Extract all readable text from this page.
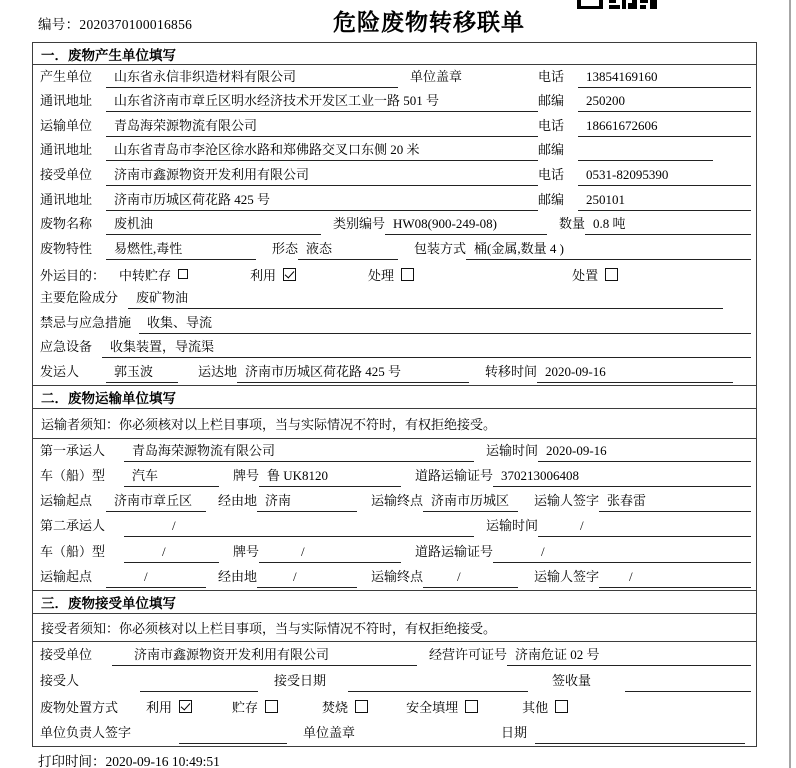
编号：2020370100016856	危险废物转移联单
一．废物产生单位填写
产生单位	山东省永信非织造材料有限公司	单位盖章	电话	13854169160
通讯地址	山东省济南市章丘区明水经济技术开发区工业一路 501 号	邮编	250200
运输单位	青岛海荣源物流有限公司	电话	18661672606
通讯地址	山东省青岛市李沧区徐水路和郑佛路交叉口东侧 20 米	邮编
接受单位	济南市鑫源物资开发利用有限公司	电话	0531-82095390
通讯地址	济南市历城区荷花路 425 号	邮编	250101
废物名称	废机油	类别编号 HW08(900-249-08)	数量 0.8 吨
废物特性	易燃性,毒性	形态 液态	包装方式 桶(金属,数量 4 )
外运目的： 中转贮存	利用	处理	处置
主要危险成分	废矿物油
禁忌与应急措施	收集、导流
应急设备	收集装置，导流渠
发运人	郭玉波	运达地 济南市历城区荷花路 425 号	转移时间 2020-09-16
二．废物运输单位填写
运输者须知：你必须核对以上栏目事项，当与实际情况不符时，有权拒绝接受。
第一承运人	青岛海荣源物流有限公司	运输时间 2020-09-16
车（船）型	汽车	牌号 鲁 UK8120	道路运输证号 370213006408
运输起点	济南市章丘区	经由地 济南	运输终点 济南市历城区	运输人签字 张春雷
第二承运人	/	运输时间	/
车（船）型	/	牌号	/	道路运输证号	/
运输起点	/	经由地	/	运输终点	/	运输人签字	/
三．废物接受单位填写
接受者须知：你必须核对以上栏目事项，当与实际情况不符时，有权拒绝接受。
接受单位	济南市鑫源物资开发利用有限公司	经营许可证号 济南危证 02 号
接受人	接受日期	签收量
废物处置方式 利用	贮存	焚烧	安全填埋	其他
单位负责人签字	单位盖章	日期
打印时间：2020-09-16 10:49:51
